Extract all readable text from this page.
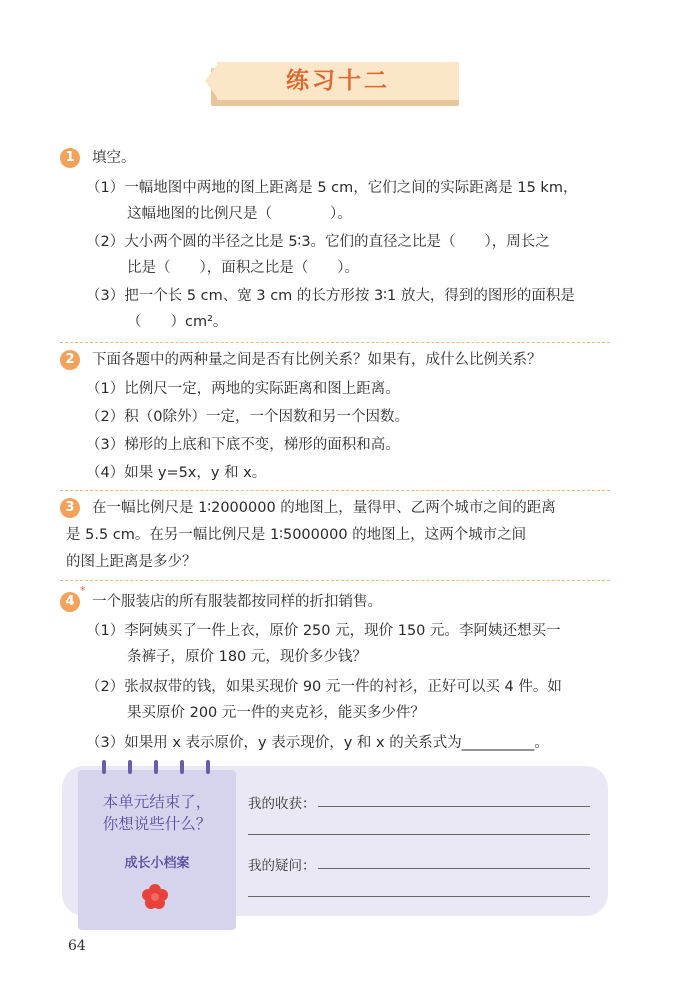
练习十二
1	填空。
（1）一幅地图中两地的图上距离是 5 cm，它们之间的实际距离是 15 km，
这幅地图的比例尺是（　　　　）。
（2）大小两个圆的半径之比是 5∶3。它们的直径之比是（　　），周长之
比是（　　），面积之比是（　　）。
（3）把一个长 5 cm、宽 3 cm 的长方形按 3∶1 放大，得到的图形的面积是
（　　）cm²。
2	下面各题中的两种量之间是否有比例关系？如果有，成什么比例关系？
（1）比例尺一定，两地的实际距离和图上距离。
（2）积（0除外）一定，一个因数和另一个因数。
（3）梯形的上底和下底不变，梯形的面积和高。
（4）如果 y=5x，y 和 x。
3	在一幅比例尺是 1∶2000000 的地图上，量得甲、乙两个城市之间的距离
是 5.5 cm。在另一幅比例尺是 1∶5000000 的地图上，这两个城市之间
的图上距离是多少？
4
*
一个服装店的所有服装都按同样的折扣销售。
（1）李阿姨买了一件上衣，原价 250 元，现价 150 元。李阿姨还想买一
条裤子，原价 180 元，现价多少钱？
（2）张叔叔带的钱，如果买现价 90 元一件的衬衫，正好可以买 4 件。如
果买原价 200 元一件的夹克衫，能买多少件？
（3）如果用 x 表示原价，y 表示现价，y 和 x 的关系式为__________。
本单元结束了，
你想说些什么？
成长小档案
我的收获：
我的疑问：
64
